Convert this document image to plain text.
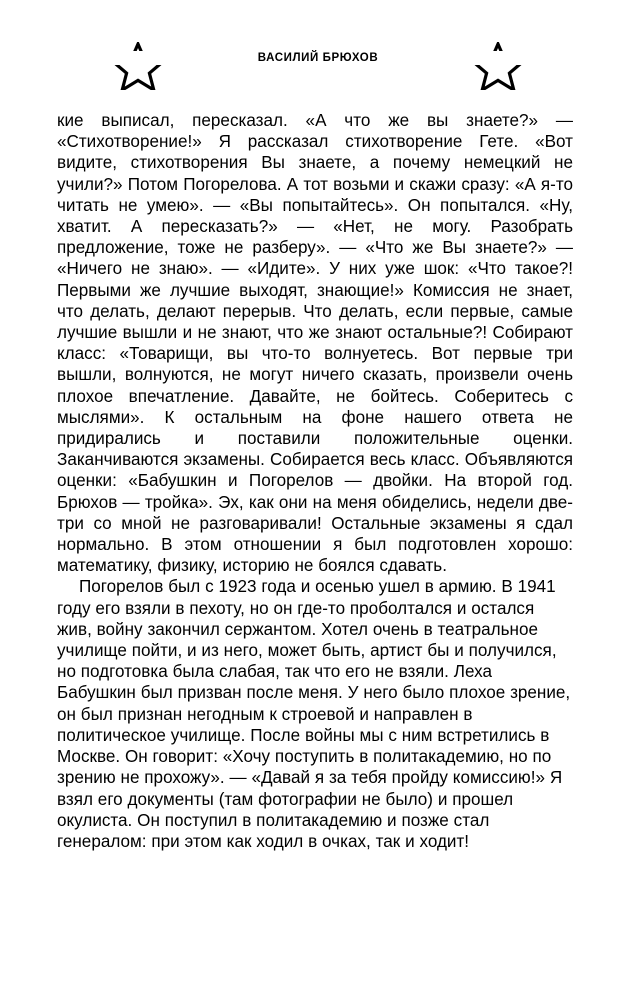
ВАСИЛИЙ БРЮХОВ

кие выписал, пересказал. «А что же вы знаете?» — «Стихотворение!» Я рассказал стихотворение Гете. «Вот видите, стихотворения Вы знаете, а почему немецкий не учили?» Потом Погорелова. А тот возьми и скажи сразу: «А я-то читать не умею». — «Вы попытайтесь». Он попытался. «Ну, хватит. А пересказать?» — «Нет, не могу. Разобрать предложение, тоже не разберу». — «Что же Вы знаете?» — «Ничего не знаю». — «Идите». У них уже шок: «Что такое?! Первыми же лучшие выходят, знающие!» Комиссия не знает, что делать, делают перерыв. Что делать, если первые, самые лучшие вышли и не знают, что же знают остальные?! Собирают класс: «Товарищи, вы что-то волнуетесь. Вот первые три вышли, волнуются, не могут ничего сказать, произвели очень плохое впечатление. Давайте, не бойтесь. Соберитесь с мыслями». К остальным на фоне нашего ответа не придирались и поставили положительные оценки. Заканчиваются экзамены. Собирается весь класс. Объявляются оценки: «Бабушкин и Погорелов — двойки. На второй год. Брюхов — тройка». Эх, как они на меня обиделись, недели две-три со мной не разговаривали! Остальные экзамены я сдал нормально. В этом отношении я был подготовлен хорошо: математику, физику, историю не боялся сдавать.

Погорелов был с 1923 года и осенью ушел в армию. В 1941 году его взяли в пехоту, но он где-то проболтался и остался жив, войну закончил сержантом. Хотел очень в театральное училище пойти, и из него, может быть, артист бы и получился, но подготовка была слабая, так что его не взяли. Леха Бабушкин был призван после меня. У него было плохое зрение, он был признан негодным к строевой и направлен в политическое училище. После войны мы с ним встретились в Москве. Он говорит: «Хочу поступить в политакадемию, но по зрению не прохожу». — «Давай я за тебя пройду комиссию!» Я взял его документы (там фотографии не было) и прошел окулиста. Он поступил в политакадемию и позже стал генералом: при этом как ходил в очках, так и ходит!
